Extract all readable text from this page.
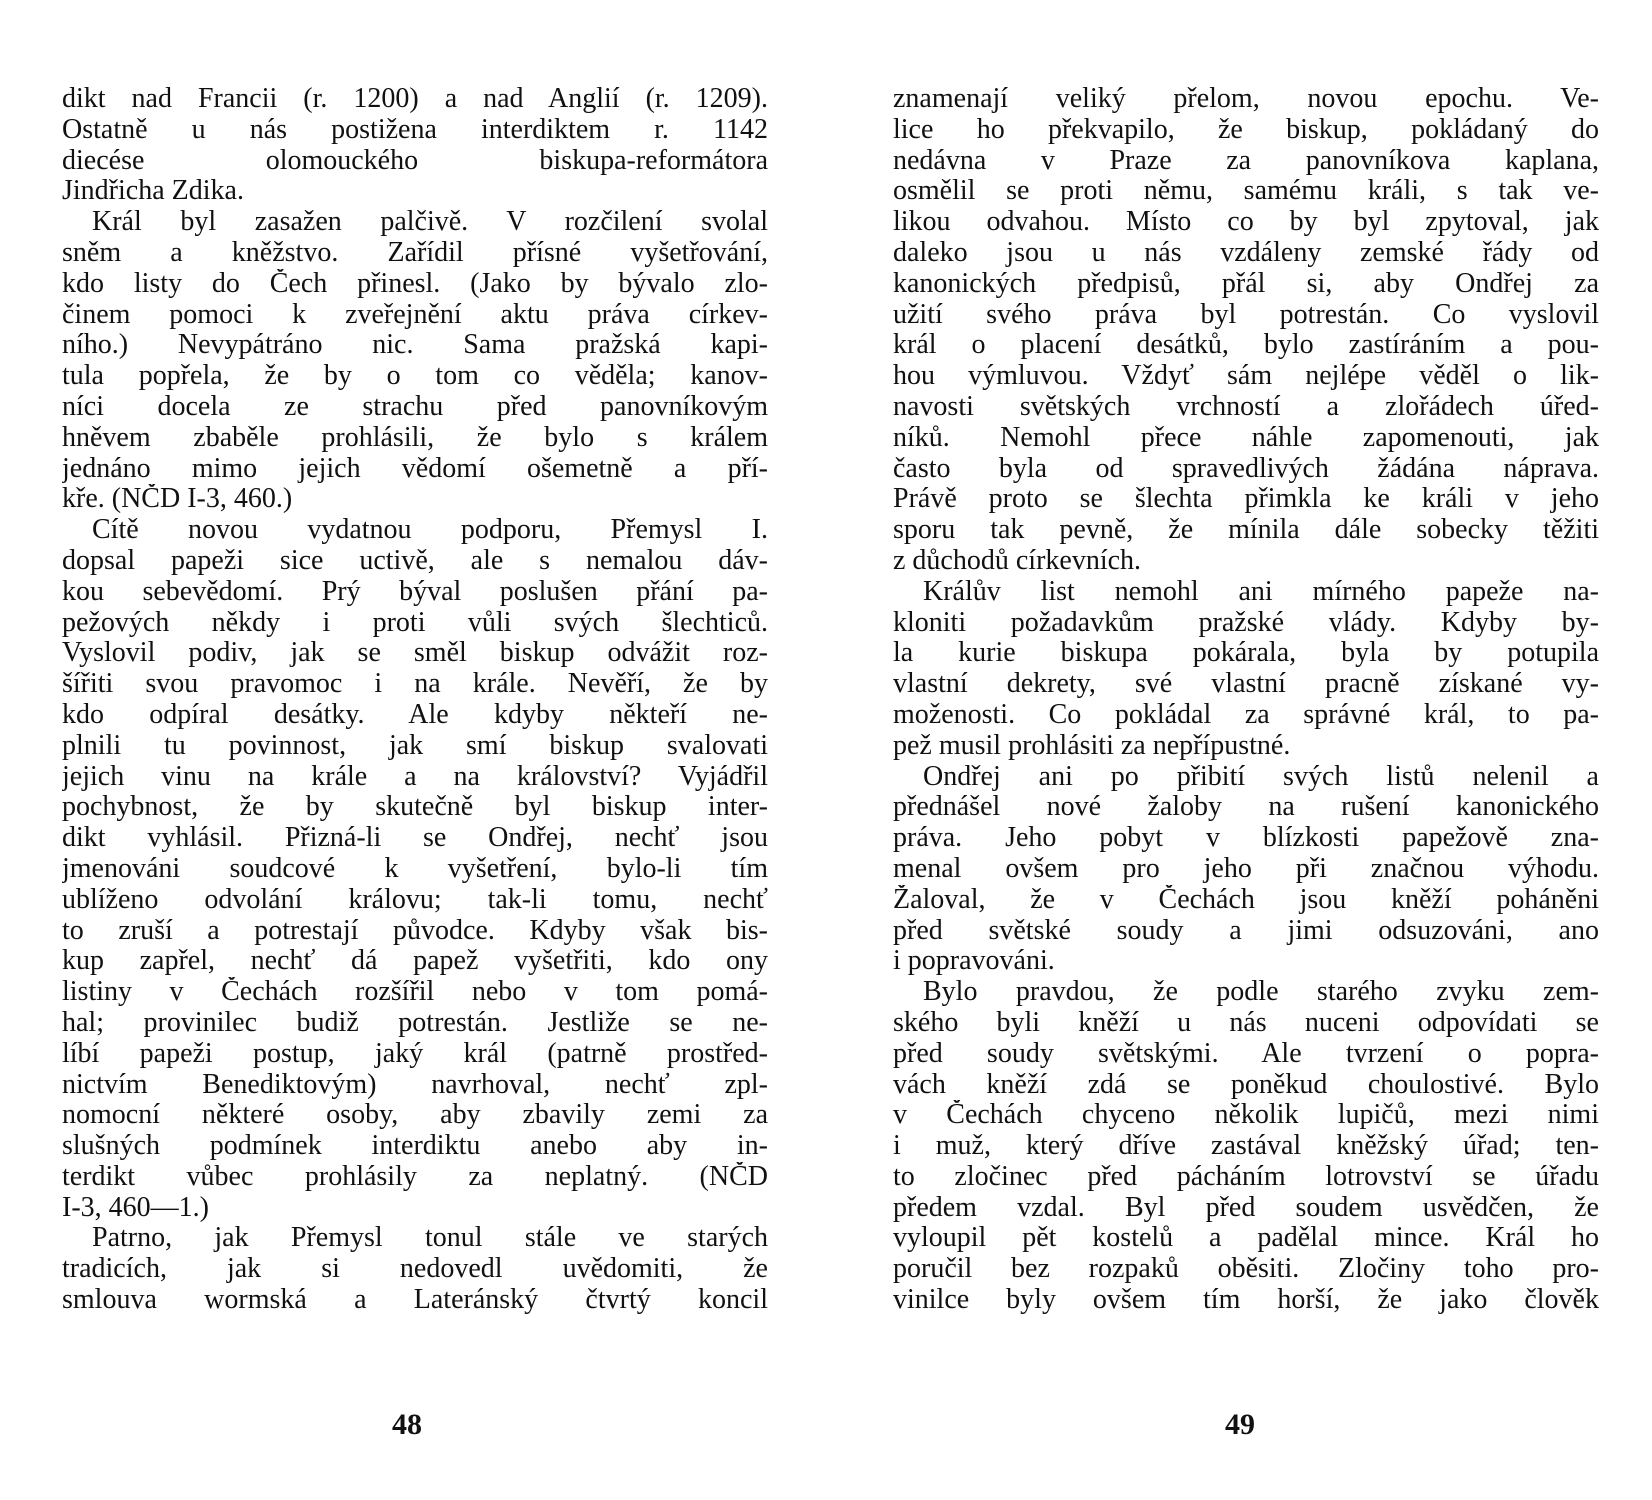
dikt nad Francii (r. 1200) a nad Anglií (r. 1209).
Ostatně u nás postižena interdiktem r. 1142
diecése olomouckého biskupa-reformátora
Jindřicha Zdika.
Král byl zasažen palčivě. V rozčilení svolal
sněm a kněžstvo. Zařídil přísné vyšetřování,
kdo listy do Čech přinesl. (Jako by bývalo zlo-
činem pomoci k zveřejnění aktu práva církev-
ního.) Nevypátráno nic. Sama pražská kapi-
tula popřela, že by o tom co věděla; kanov-
níci docela ze strachu před panovníkovým
hněvem zbaběle prohlásili, že bylo s králem
jednáno mimo jejich vědomí ošemetně a pří-
kře. (NČD I-3, 460.)
Cítě novou vydatnou podporu, Přemysl I.
dopsal papeži sice uctivě, ale s nemalou dáv-
kou sebevědomí. Prý býval poslušen přání pa-
pežových někdy i proti vůli svých šlechticů.
Vyslovil podiv, jak se směl biskup odvážit roz-
šířiti svou pravomoc i na krále. Nevěří, že by
kdo odpíral desátky. Ale kdyby někteří ne-
plnili tu povinnost, jak smí biskup svalovati
jejich vinu na krále a na království? Vyjádřil
pochybnost, že by skutečně byl biskup inter-
dikt vyhlásil. Přizná-li se Ondřej, nechť jsou
jmenováni soudcové k vyšetření, bylo-li tím
ublíženo odvolání královu; tak-li tomu, nechť
to zruší a potrestají původce. Kdyby však bis-
kup zapřel, nechť dá papež vyšetřiti, kdo ony
listiny v Čechách rozšířil nebo v tom pomá-
hal; provinilec budiž potrestán. Jestliže se ne-
líbí papeži postup, jaký král (patrně prostřed-
nictvím Benediktovým) navrhoval, nechť zpl-
nomocní některé osoby, aby zbavily zemi za
slušných podmínek interdiktu anebo aby in-
terdikt vůbec prohlásily za neplatný. (NČD
I-3, 460—1.)
Patrno, jak Přemysl tonul stále ve starých
tradicích, jak si nedovedl uvědomiti, že
smlouva wormská a Lateránský čtvrtý koncil
znamenají veliký přelom, novou epochu. Ve-
lice ho překvapilo, že biskup, pokládaný do
nedávna v Praze za panovníkova kaplana,
osmělil se proti němu, samému králi, s tak ve-
likou odvahou. Místo co by byl zpytoval, jak
daleko jsou u nás vzdáleny zemské řády od
kanonických předpisů, přál si, aby Ondřej za
užití svého práva byl potrestán. Co vyslovil
král o placení desátků, bylo zastíráním a pou-
hou výmluvou. Vždyť sám nejlépe věděl o lik-
navosti světských vrchností a zlořádech úřed-
níků. Nemohl přece náhle zapomenouti, jak
často byla od spravedlivých žádána náprava.
Právě proto se šlechta přimkla ke králi v jeho
sporu tak pevně, že mínila dále sobecky těžiti
z důchodů církevních.
Králův list nemohl ani mírného papeže na-
kloniti požadavkům pražské vlády. Kdyby by-
la kurie biskupa pokárala, byla by potupila
vlastní dekrety, své vlastní pracně získané vy-
moženosti. Co pokládal za správné král, to pa-
pež musil prohlásiti za nepřípustné.
Ondřej ani po přibití svých listů nelenil a
přednášel nové žaloby na rušení kanonického
práva. Jeho pobyt v blízkosti papežově zna-
menal ovšem pro jeho při značnou výhodu.
Žaloval, že v Čechách jsou kněží poháněni
před světské soudy a jimi odsuzováni, ano
i popravováni.
Bylo pravdou, že podle starého zvyku zem-
ského byli kněží u nás nuceni odpovídati se
před soudy světskými. Ale tvrzení o popra-
vách kněží zdá se poněkud choulostivé. Bylo
v Čechách chyceno několik lupičů, mezi nimi
i muž, který dříve zastával kněžský úřad; ten-
to zločinec před pácháním lotrovství se úřadu
předem vzdal. Byl před soudem usvědčen, že
vyloupil pět kostelů a padělal mince. Král ho
poručil bez rozpaků oběsiti. Zločiny toho pro-
vinilce byly ovšem tím horší, že jako člověk
48	49
